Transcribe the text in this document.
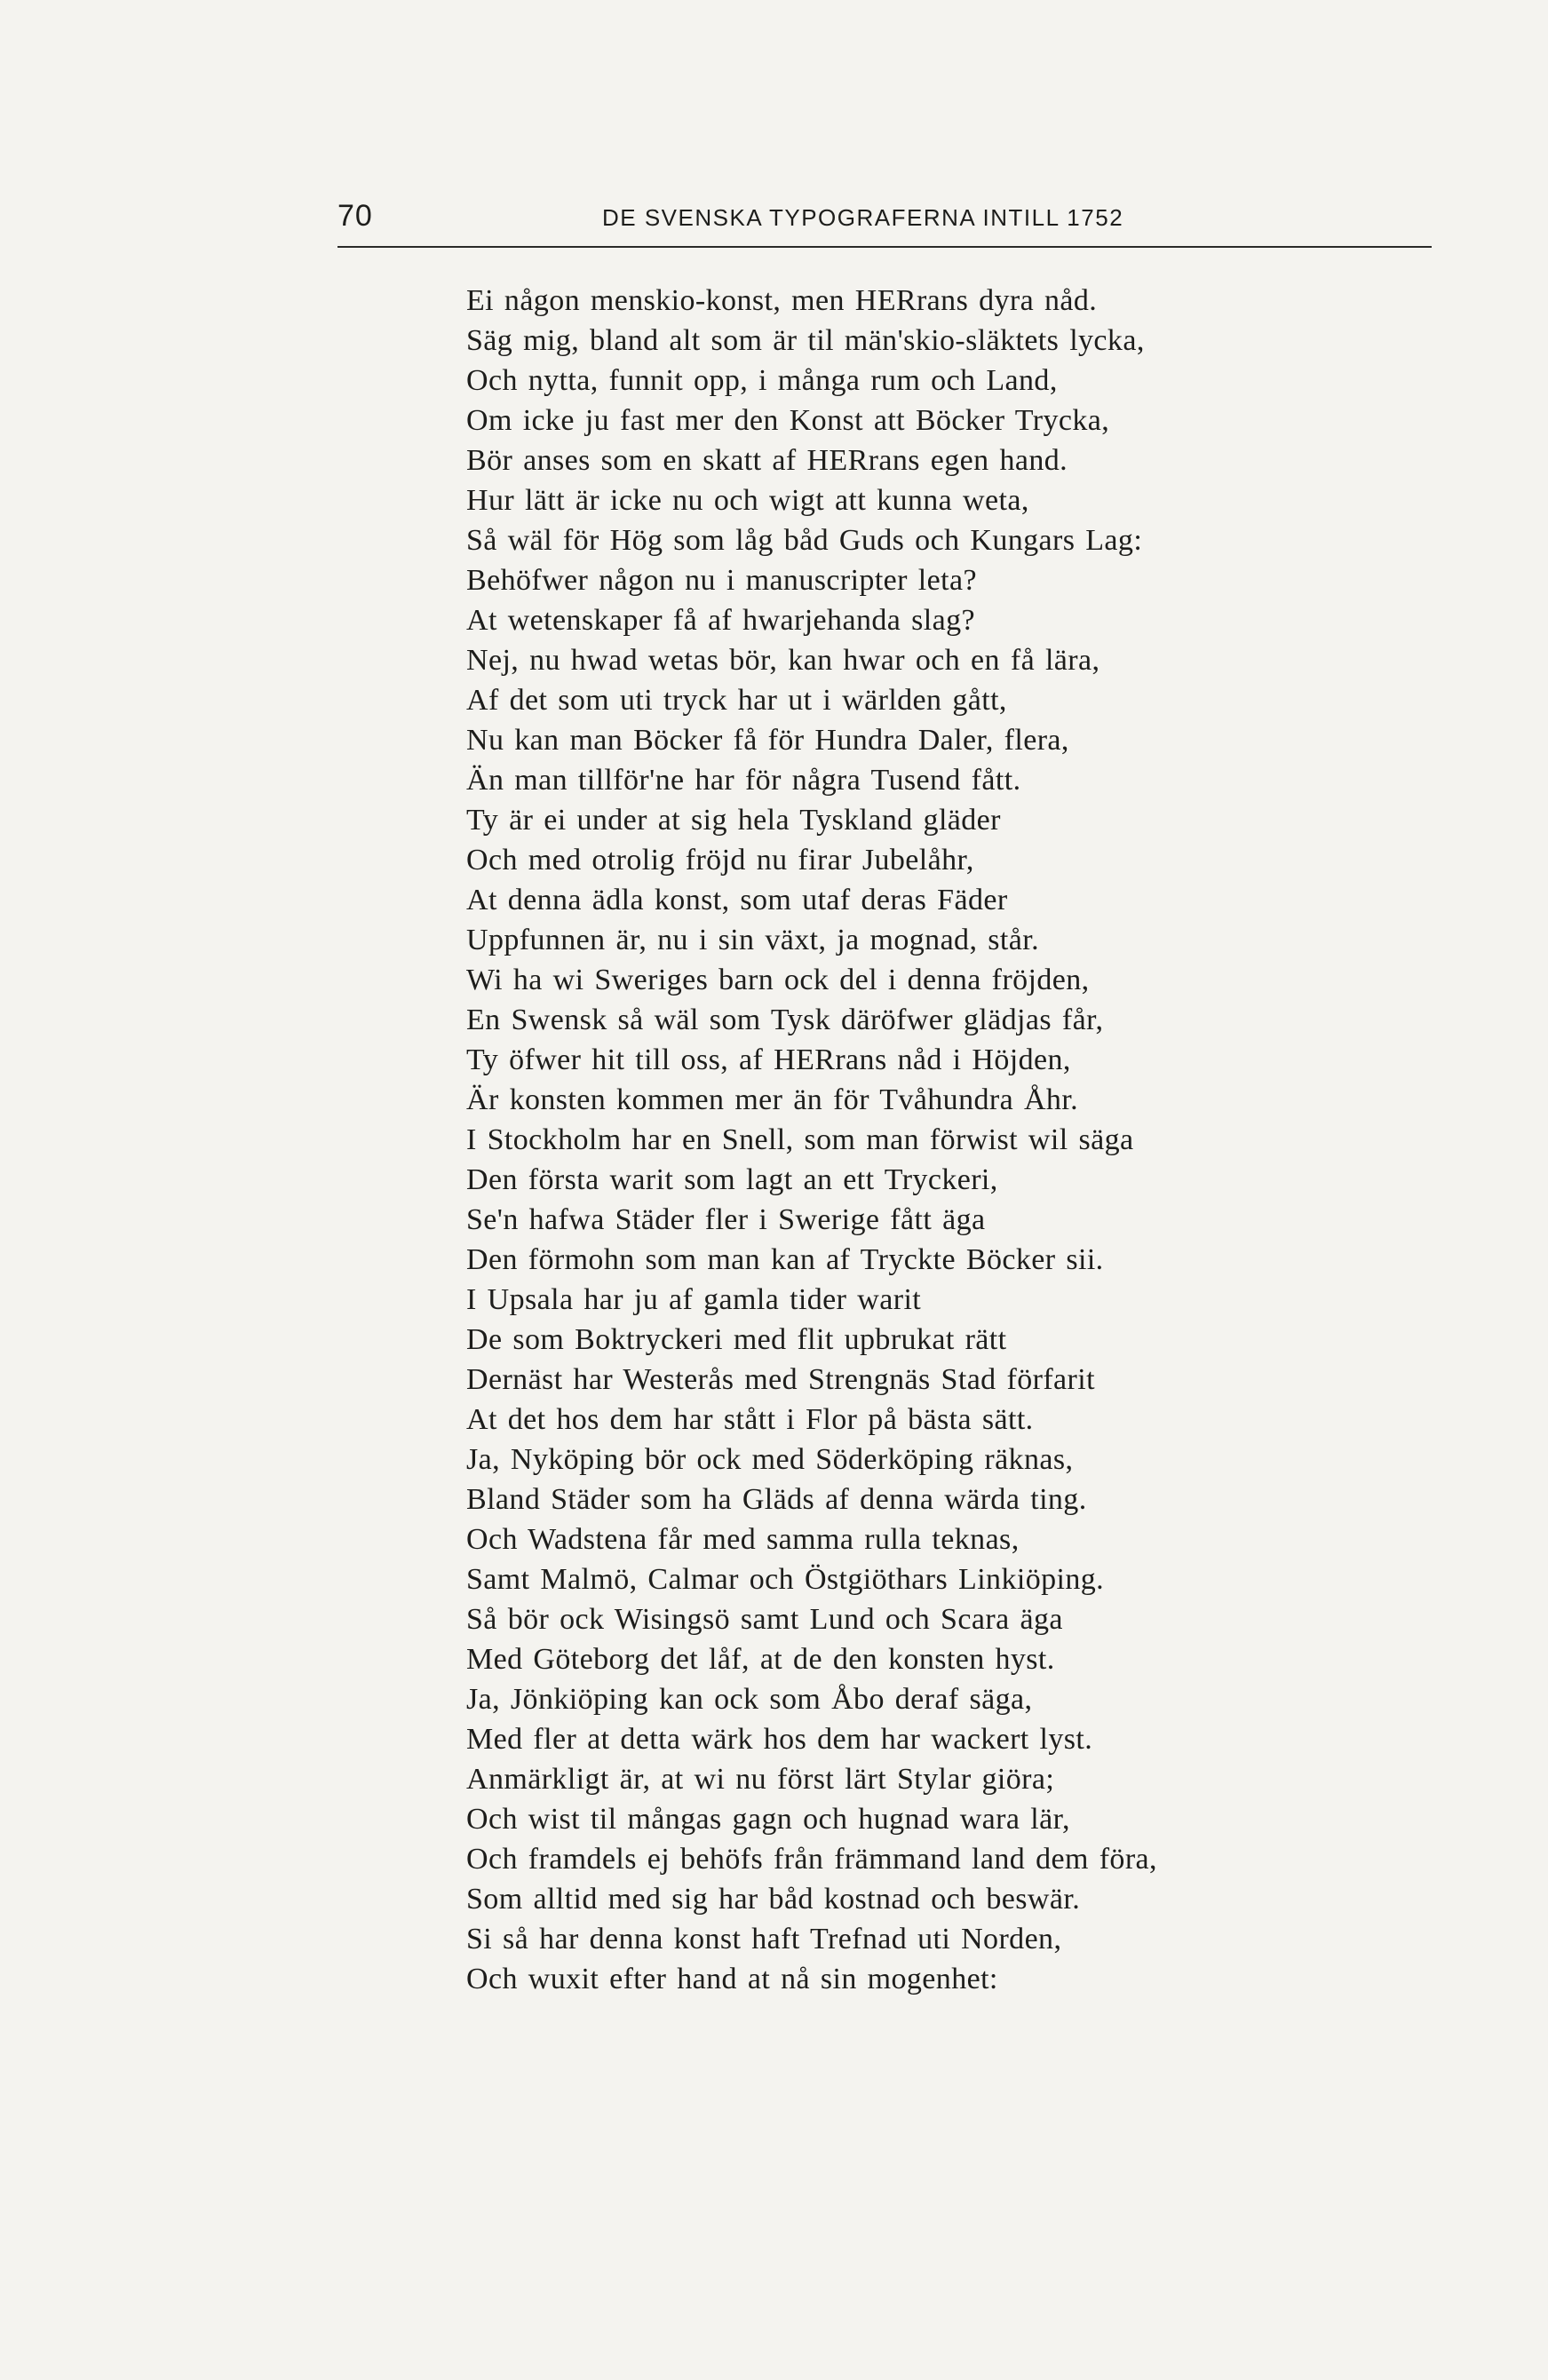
70	DE SVENSKA TYPOGRAFERNA INTILL 1752
Ei någon menskio-konst, men HERrans dyra nåd.
Säg mig, bland alt som är til män'skio-släktets lycka,
Och nytta, funnit opp, i många rum och Land,
Om icke ju fast mer den Konst att Böcker Trycka,
Bör anses som en skatt af HERrans egen hand.
Hur lätt är icke nu och wigt att kunna weta,
Så wäl för Hög som låg båd Guds och Kungars Lag:
Behöfwer någon nu i manuscripter leta?
At wetenskaper få af hwarjehanda slag?
Nej, nu hwad wetas bör, kan hwar och en få lära,
Af det som uti tryck har ut i wärlden gått,
Nu kan man Böcker få för Hundra Daler, flera,
Än man tillför'ne har för några Tusend fått.
Ty är ei under at sig hela Tyskland gläder
Och med otrolig fröjd nu firar Jubelåhr,
At denna ädla konst, som utaf deras Fäder
Uppfunnen är, nu i sin växt, ja mognad, står.
Wi ha wi Sweriges barn ock del i denna fröjden,
En Swensk så wäl som Tysk däröfwer glädjas får,
Ty öfwer hit till oss, af HERrans nåd i Höjden,
Är konsten kommen mer än för Tvåhundra Åhr.
I Stockholm har en Snell, som man förwist wil säga
Den första warit som lagt an ett Tryckeri,
Se'n hafwa Städer fler i Swerige fått äga
Den förmohn som man kan af Tryckte Böcker sii.
I Upsala har ju af gamla tider warit
De som Boktryckeri med flit upbrukat rätt
Dernäst har Westerås med Strengnäs Stad förfarit
At det hos dem har stått i Flor på bästa sätt.
Ja, Nyköping bör ock med Söderköping räknas,
Bland Städer som ha Gläds af denna wärda ting.
Och Wadstena får med samma rulla teknas,
Samt Malmö, Calmar och Östgiöthars Linkiöping.
Så bör ock Wisingsö samt Lund och Scara äga
Med Göteborg det låf, at de den konsten hyst.
Ja, Jönkiöping kan ock som Åbo deraf säga,
Med fler at detta wärk hos dem har wackert lyst.
Anmärkligt är, at wi nu först lärt Stylar giöra;
Och wist til mångas gagn och hugnad wara lär,
Och framdels ej behöfs från främmand land dem föra,
Som alltid med sig har båd kostnad och beswär.
Si så har denna konst haft Trefnad uti Norden,
Och wuxit efter hand at nå sin mogenhet:
